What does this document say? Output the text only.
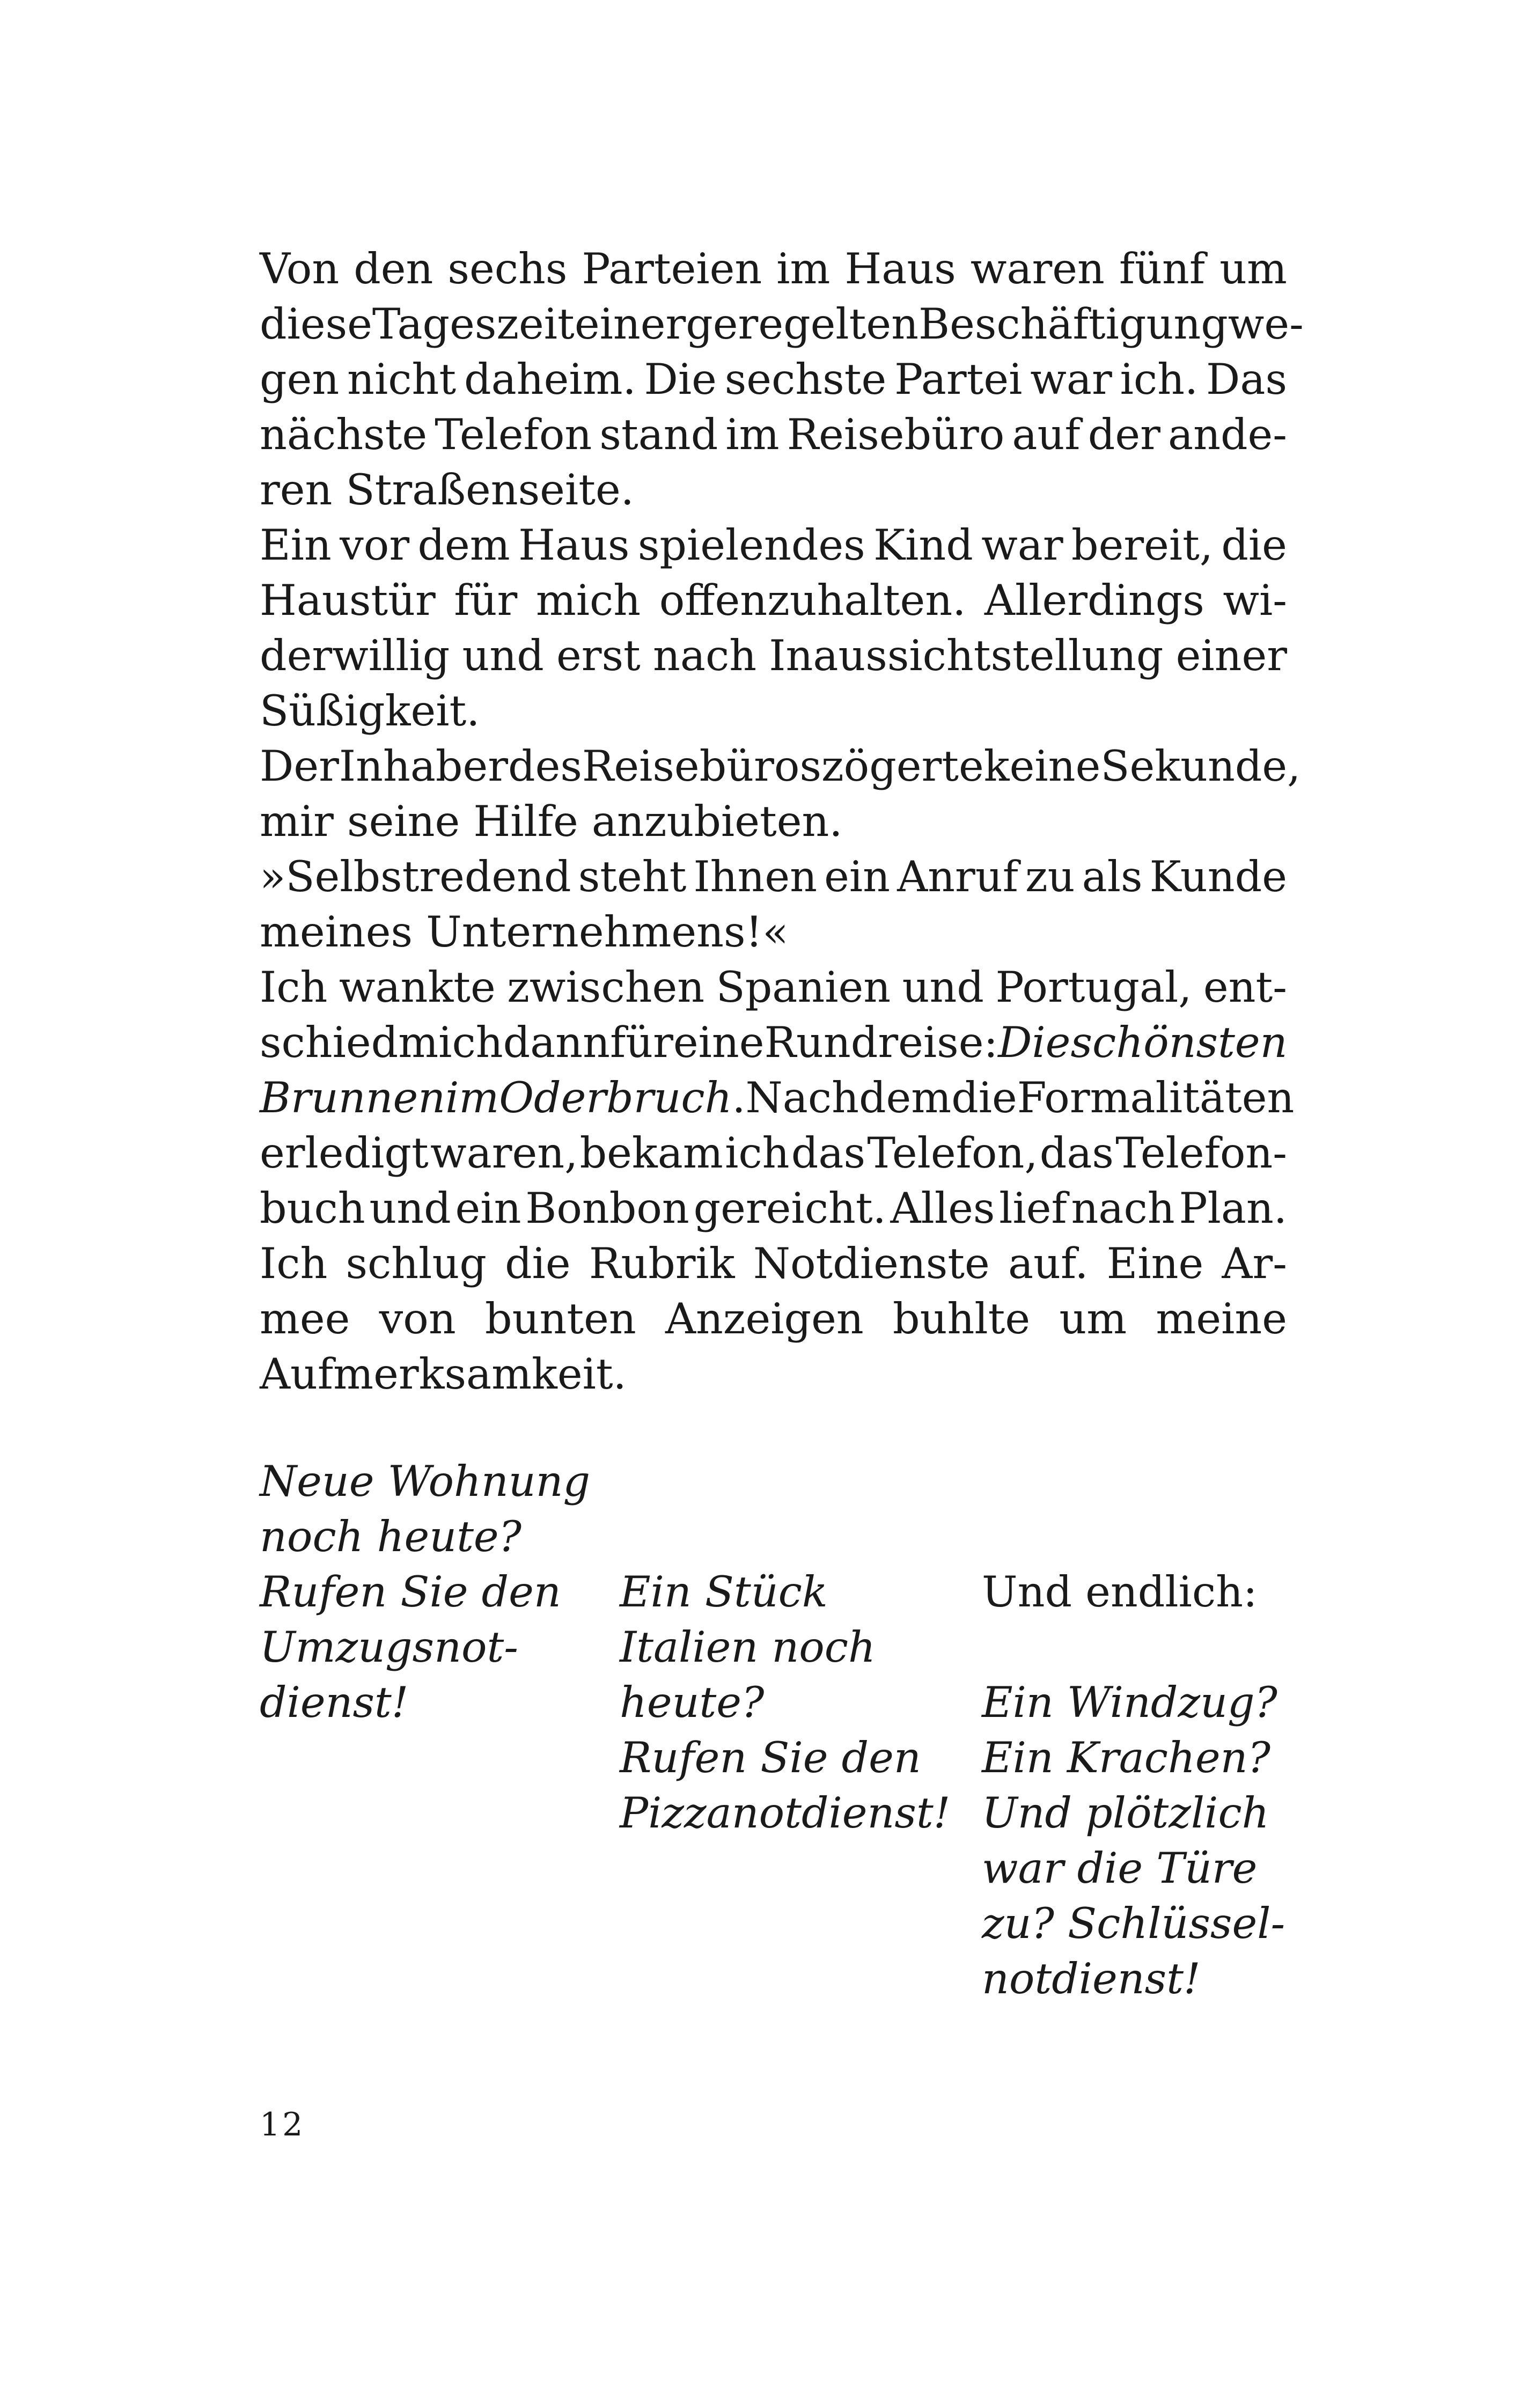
Von den sechs Parteien im Haus waren fünf um
diese Tageszeit einer geregelten Beschäftigung we-
gen nicht daheim. Die sechste Partei war ich. Das
nächste Telefon stand im Reisebüro auf der ande-
ren Straßenseite.
Ein vor dem Haus spielendes Kind war bereit, die
Haustür für mich offenzuhalten. Allerdings wi-
derwillig und erst nach Inaussichtstellung einer
Süßigkeit.
Der Inhaber des Reisebüros zögerte keine Sekunde,
mir seine Hilfe anzubieten.
»Selbstredend steht Ihnen ein Anruf zu als Kunde
meines Unternehmens!«
Ich wankte zwischen Spanien und Portugal, ent-
schied mich dann für eine Rundreise: Die schönsten
Brunnen im Oderbruch. Nachdem die Formalitäten
erledigt waren, bekam ich das Telefon, das Telefon-
buch und ein Bonbon gereicht. Alles lief nach Plan.
Ich schlug die Rubrik Notdienste auf. Eine Ar-
mee von bunten Anzeigen buhlte um meine
Aufmerksamkeit.
Neue Wohnung
noch heute?
Rufen Sie den
Umzugsnot-
dienst!
Ein Stück
Italien noch
heute?
Rufen Sie den
Pizzanotdienst!
Und endlich:
Ein Windzug?
Ein Krachen?
Und plötzlich
war die Türe
zu? Schlüssel-
notdienst!
12
